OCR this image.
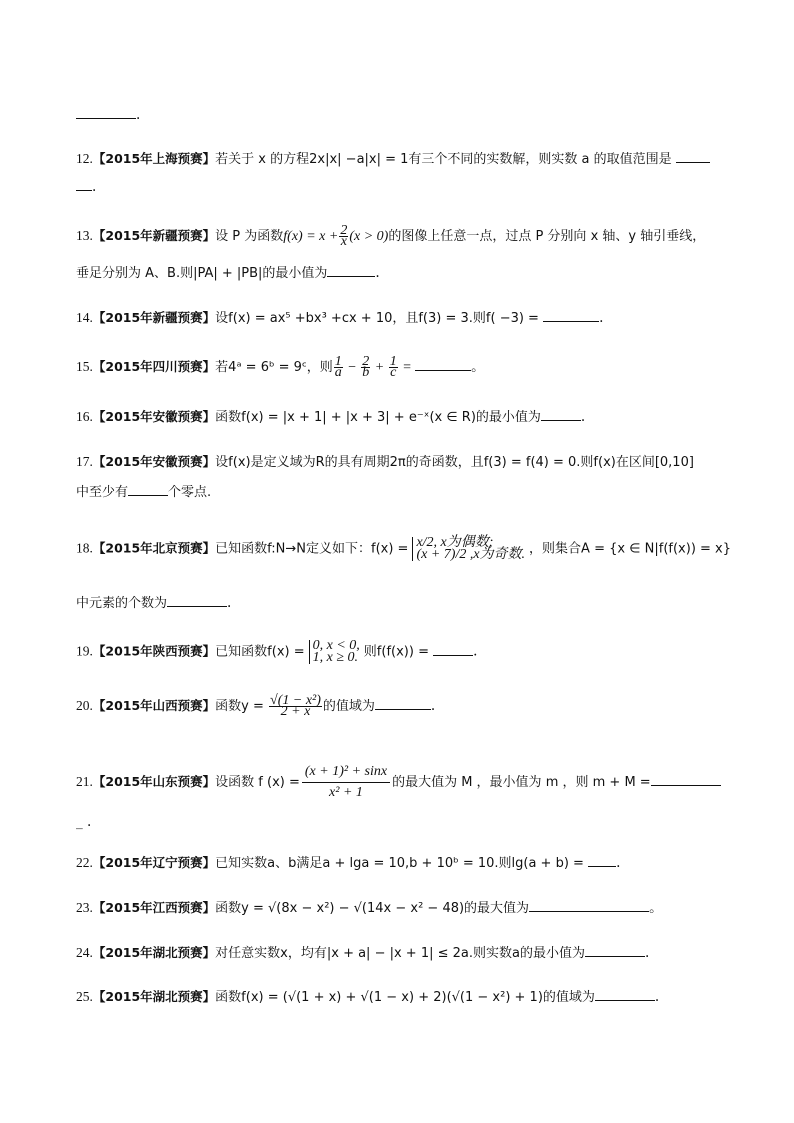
.
12.【2015年上海预赛】若关于 x 的方程2x|x| −a|x| = 1有三个不同的实数解，则实数 a 的取值范围是
.
13.【2015年新疆预赛】设 P 为函数$f(x) = x + \frac{2}{x} (x > 0)$的图像上任意一点，过点 P 分别向 x 轴、y 轴引垂线，
垂足分别为 A、B.则|PA| + |PB|的最小值为	.
14.【2015年新疆预赛】设f(x) = ax⁵ +bx³ +cx + 10，且f(3) = 3.则f( −3) =	.
15.【2015年四川预赛】若4ᵃ = 6ᵇ = 9ᶜ，则 $\frac{1}{a} - \frac{2}{b} + \frac{1}{c}$ =	。
16.【2015年安徽预赛】函数f(x) = |x + 1| + |x + 3| + e⁻ˣ(x ∈ R)的最小值为	.
17.【2015年安徽预赛】设f(x)是定义域为R的具有周期2π的奇函数，且f(3) = f(4) = 0.则f(x)在区间[0,10]
中至少有	个零点.
18.【2015年北京预赛】已知函数f:N→N定义如下：f(x) = x/2, x为偶数;
(x + 7)/2 ,x为奇数. ，则集合A = {x ∈ N|f(f(x)) = x}
中元素的个数为	.
19.【2015年陕西预赛】已知函数f(x) = 0, x < 0,
1, x ≥ 0. 则f(f(x)) =	.
20.【2015年山西预赛】函数$y = \frac{\text{√(1 − x²)}}{2 + x}$ 的值域为	.
21.【2015年山东预赛】设函数 f $(x) = \frac{\text{(x + 1)² + sinx}}{\text{x² + 1}}$ 的最大值为 M ，最小值为 m ，则 m + M =
_ .
22.【2015年辽宁预赛】已知实数a、b满足a + lga = 10,b + 10ᵇ = 10.则lg(a + b) = .
23.【2015年江西预赛】函数y = √(8x − x²) − √(14x − x² − 48)的最大值为	。
24.【2015年湖北预赛】对任意实数x，均有|x + a| − |x + 1| ≤ 2a.则实数a的最小值为	.
25.【2015年湖北预赛】函数f(x) = (√(1 + x) + √(1 − x) + 2)(√(1 − x²) + 1)的值域为	.
